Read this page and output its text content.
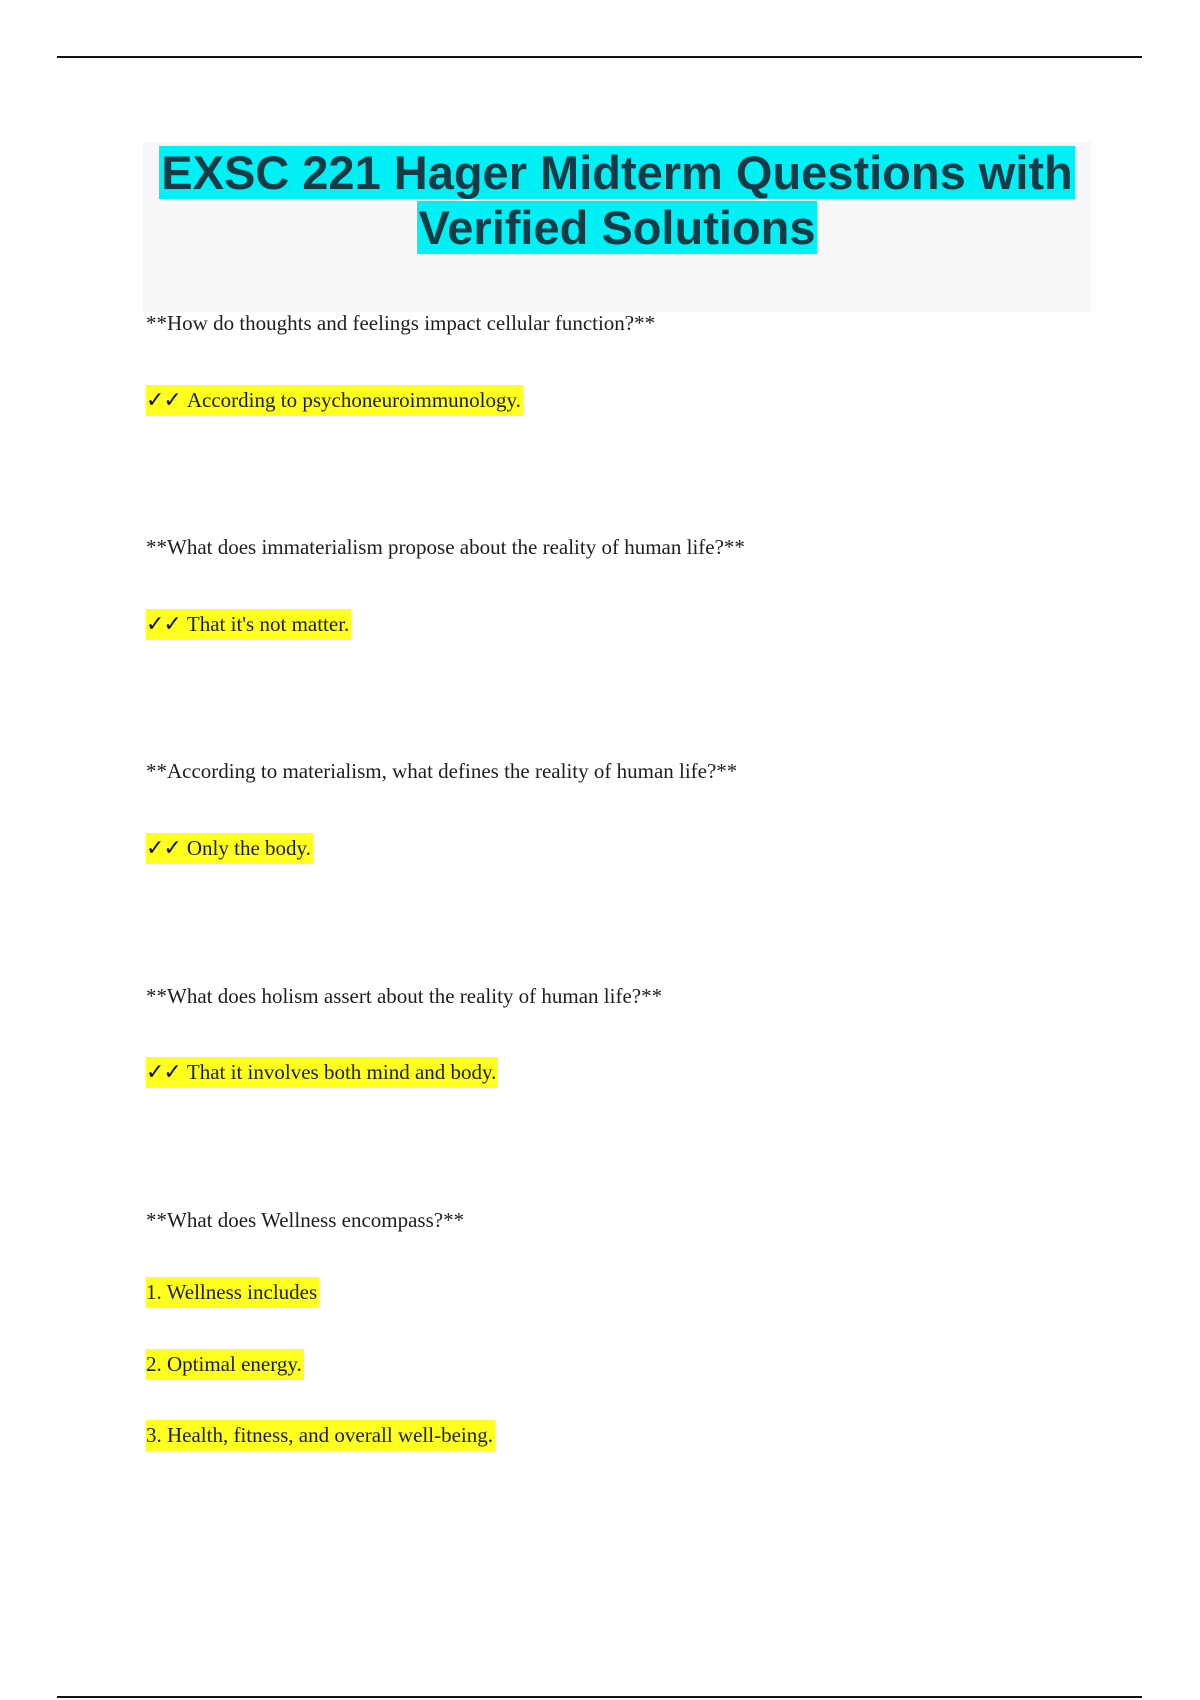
EXSC 221 Hager Midterm Questions with
Verified Solutions
**How do thoughts and feelings impact cellular function?**
✓✓ According to psychoneuroimmunology.
**What does immaterialism propose about the reality of human life?**
✓✓ That it's not matter.
**According to materialism, what defines the reality of human life?**
✓✓ Only the body.
**What does holism assert about the reality of human life?**
✓✓ That it involves both mind and body.
**What does Wellness encompass?**
1. Wellness includes
2. Optimal energy.
3. Health, fitness, and overall well-being.
